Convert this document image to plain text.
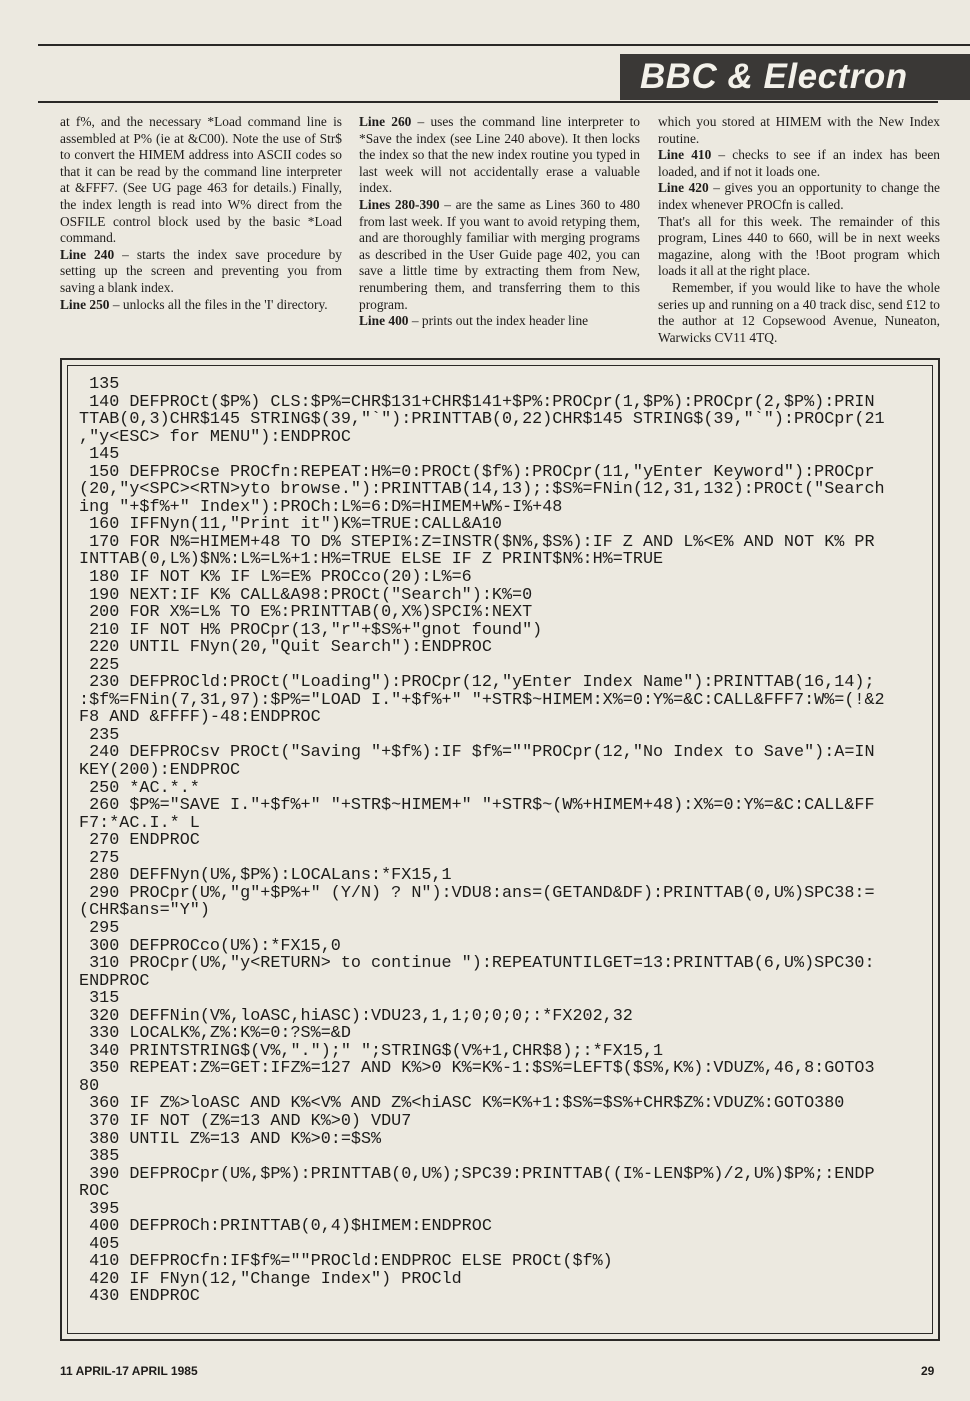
BBC & Electron

at f%, and the necessary *Load command line is assembled at P% (ie at &C00). Note the use of Str$ to convert the HIMEM address into ASCII codes so that it can be read by the command line interpreter at &FFF7. (See UG page 463 for details.) Finally, the index length is read into W% direct from the OSFILE control block used by the basic *Load command.

Line 240 – starts the index save procedure by setting up the screen and preventing you from saving a blank index.

Line 250 – unlocks all the files in the 'I' directory.

Line 260 – uses the command line interpreter to *Save the index (see Line 240 above). It then locks the index so that the new index routine you typed in last week will not accidentally erase a valuable index.

Lines 280-390 – are the same as Lines 360 to 480 from last week. If you want to avoid retyping them, and are thoroughly familiar with merging programs as described in the User Guide page 402, you can save a little time by extracting them from New, renumbering them, and transferring them to this program.

Line 400 – prints out the index header line

which you stored at HIMEM with the New Index routine.

Line 410 – checks to see if an index has been loaded, and if not it loads one.

Line 420 – gives you an opportunity to change the index whenever PROCfn is called.

That's all for this week. The remainder of this program, Lines 440 to 660, will be in next weeks magazine, along with the !Boot program which loads it all at the right place.

Remember, if you would like to have the whole series up and running on a 40 track disc, send £12 to the author at 12 Copsewood Avenue, Nuneaton, Warwicks CV11 4TQ.

135
140 DEFPROCt($P%) CLS:$P%=CHR$131+CHR$141+$P%:PROCpr(1,$P%):PROCpr(2,$P%):PRIN
TTAB(0,3)CHR$145 STRING$(39,"`"):PRINTTAB(0,22)CHR$145 STRING$(39,"`"):PROCpr(21
,"y<ESC> for MENU"):ENDPROC
145
150 DEFPROCse PROCfn:REPEAT:H%=0:PROCt($f%):PROCpr(11,"yEnter Keyword"):PROCpr
(20,"y<SPC><RTN>yto browse."):PRINTTAB(14,13);:$S%=FNin(12,31,132):PROCt("Search
ing "+$f%+" Index"):PROCh:L%=6:D%=HIMEM+W%-I%+48
160 IFFNyn(11,"Print it")K%=TRUE:CALL&A10
170 FOR N%=HIMEM+48 TO D% STEPI%:Z=INSTR($N%,$S%):IF Z AND L%<E% AND NOT K% PR
INTTAB(0,L%)$N%:L%=L%+1:H%=TRUE ELSE IF Z PRINT$N%:H%=TRUE
180 IF NOT K% IF L%=E% PROCco(20):L%=6
190 NEXT:IF K% CALL&A98:PROCt("Search"):K%=0
200 FOR X%=L% TO E%:PRINTTAB(0,X%)SPCI%:NEXT
210 IF NOT H% PROCpr(13,"r"+$S%+"gnot found")
220 UNTIL FNyn(20,"Quit Search"):ENDPROC
225
230 DEFPROCld:PROCt("Loading"):PROCpr(12,"yEnter Index Name"):PRINTTAB(16,14);
:$f%=FNin(7,31,97):$P%="LOAD I."+$f%+" "+STR$~HIMEM:X%=0:Y%=&C:CALL&FFF7:W%=(!&2
F8 AND &FFFF)-48:ENDPROC
235
240 DEFPROCsv PROCt("Saving "+$f%):IF $f%=""PROCpr(12,"No Index to Save"):A=IN
KEY(200):ENDPROC
250 *AC.*.*
260 $P%="SAVE I."+$f%+" "+STR$~HIMEM+" "+STR$~(W%+HIMEM+48):X%=0:Y%=&C:CALL&FF
F7:*AC.I.* L
270 ENDPROC
275
280 DEFFNyn(U%,$P%):LOCALans:*FX15,1
290 PROCpr(U%,"g"+$P%+" (Y/N) ? N"):VDU8:ans=(GETAND&DF):PRINTTAB(0,U%)SPC38:=
(CHR$ans="Y")
295
300 DEFPROCco(U%):*FX15,0
310 PROCpr(U%,"y<RETURN> to continue "):REPEATUNTILGET=13:PRINTTAB(6,U%)SPC30:
ENDPROC
315
320 DEFFNin(V%,loASC,hiASC):VDU23,1,1;0;0;0;:*FX202,32
330 LOCALK%,Z%:K%=0:?S%=&D
340 PRINTSTRING$(V%,".");" ";STRING$(V%+1,CHR$8);:*FX15,1
350 REPEAT:Z%=GET:IFZ%=127 AND K%>0 K%=K%-1:$S%=LEFT$($S%,K%):VDUZ%,46,8:GOTO3
80
360 IF Z%>loASC AND K%<V% AND Z%<hiASC K%=K%+1:$S%=$S%+CHR$Z%:VDUZ%:GOTO380
370 IF NOT (Z%=13 AND K%>0) VDU7
380 UNTIL Z%=13 AND K%>0:=$S%
385
390 DEFPROCpr(U%,$P%):PRINTTAB(0,U%);SPC39:PRINTTAB((I%-LEN$P%)/2,U%)$P%;:ENDP
ROC
395
400 DEFPROCh:PRINTTAB(0,4)$HIMEM:ENDPROC
405
410 DEFPROCfn:IF$f%=""PROCld:ENDPROC ELSE PROCt($f%)
420 IF FNyn(12,"Change Index") PROCld
430 ENDPROC
11 APRIL-17 APRIL 1985	29
